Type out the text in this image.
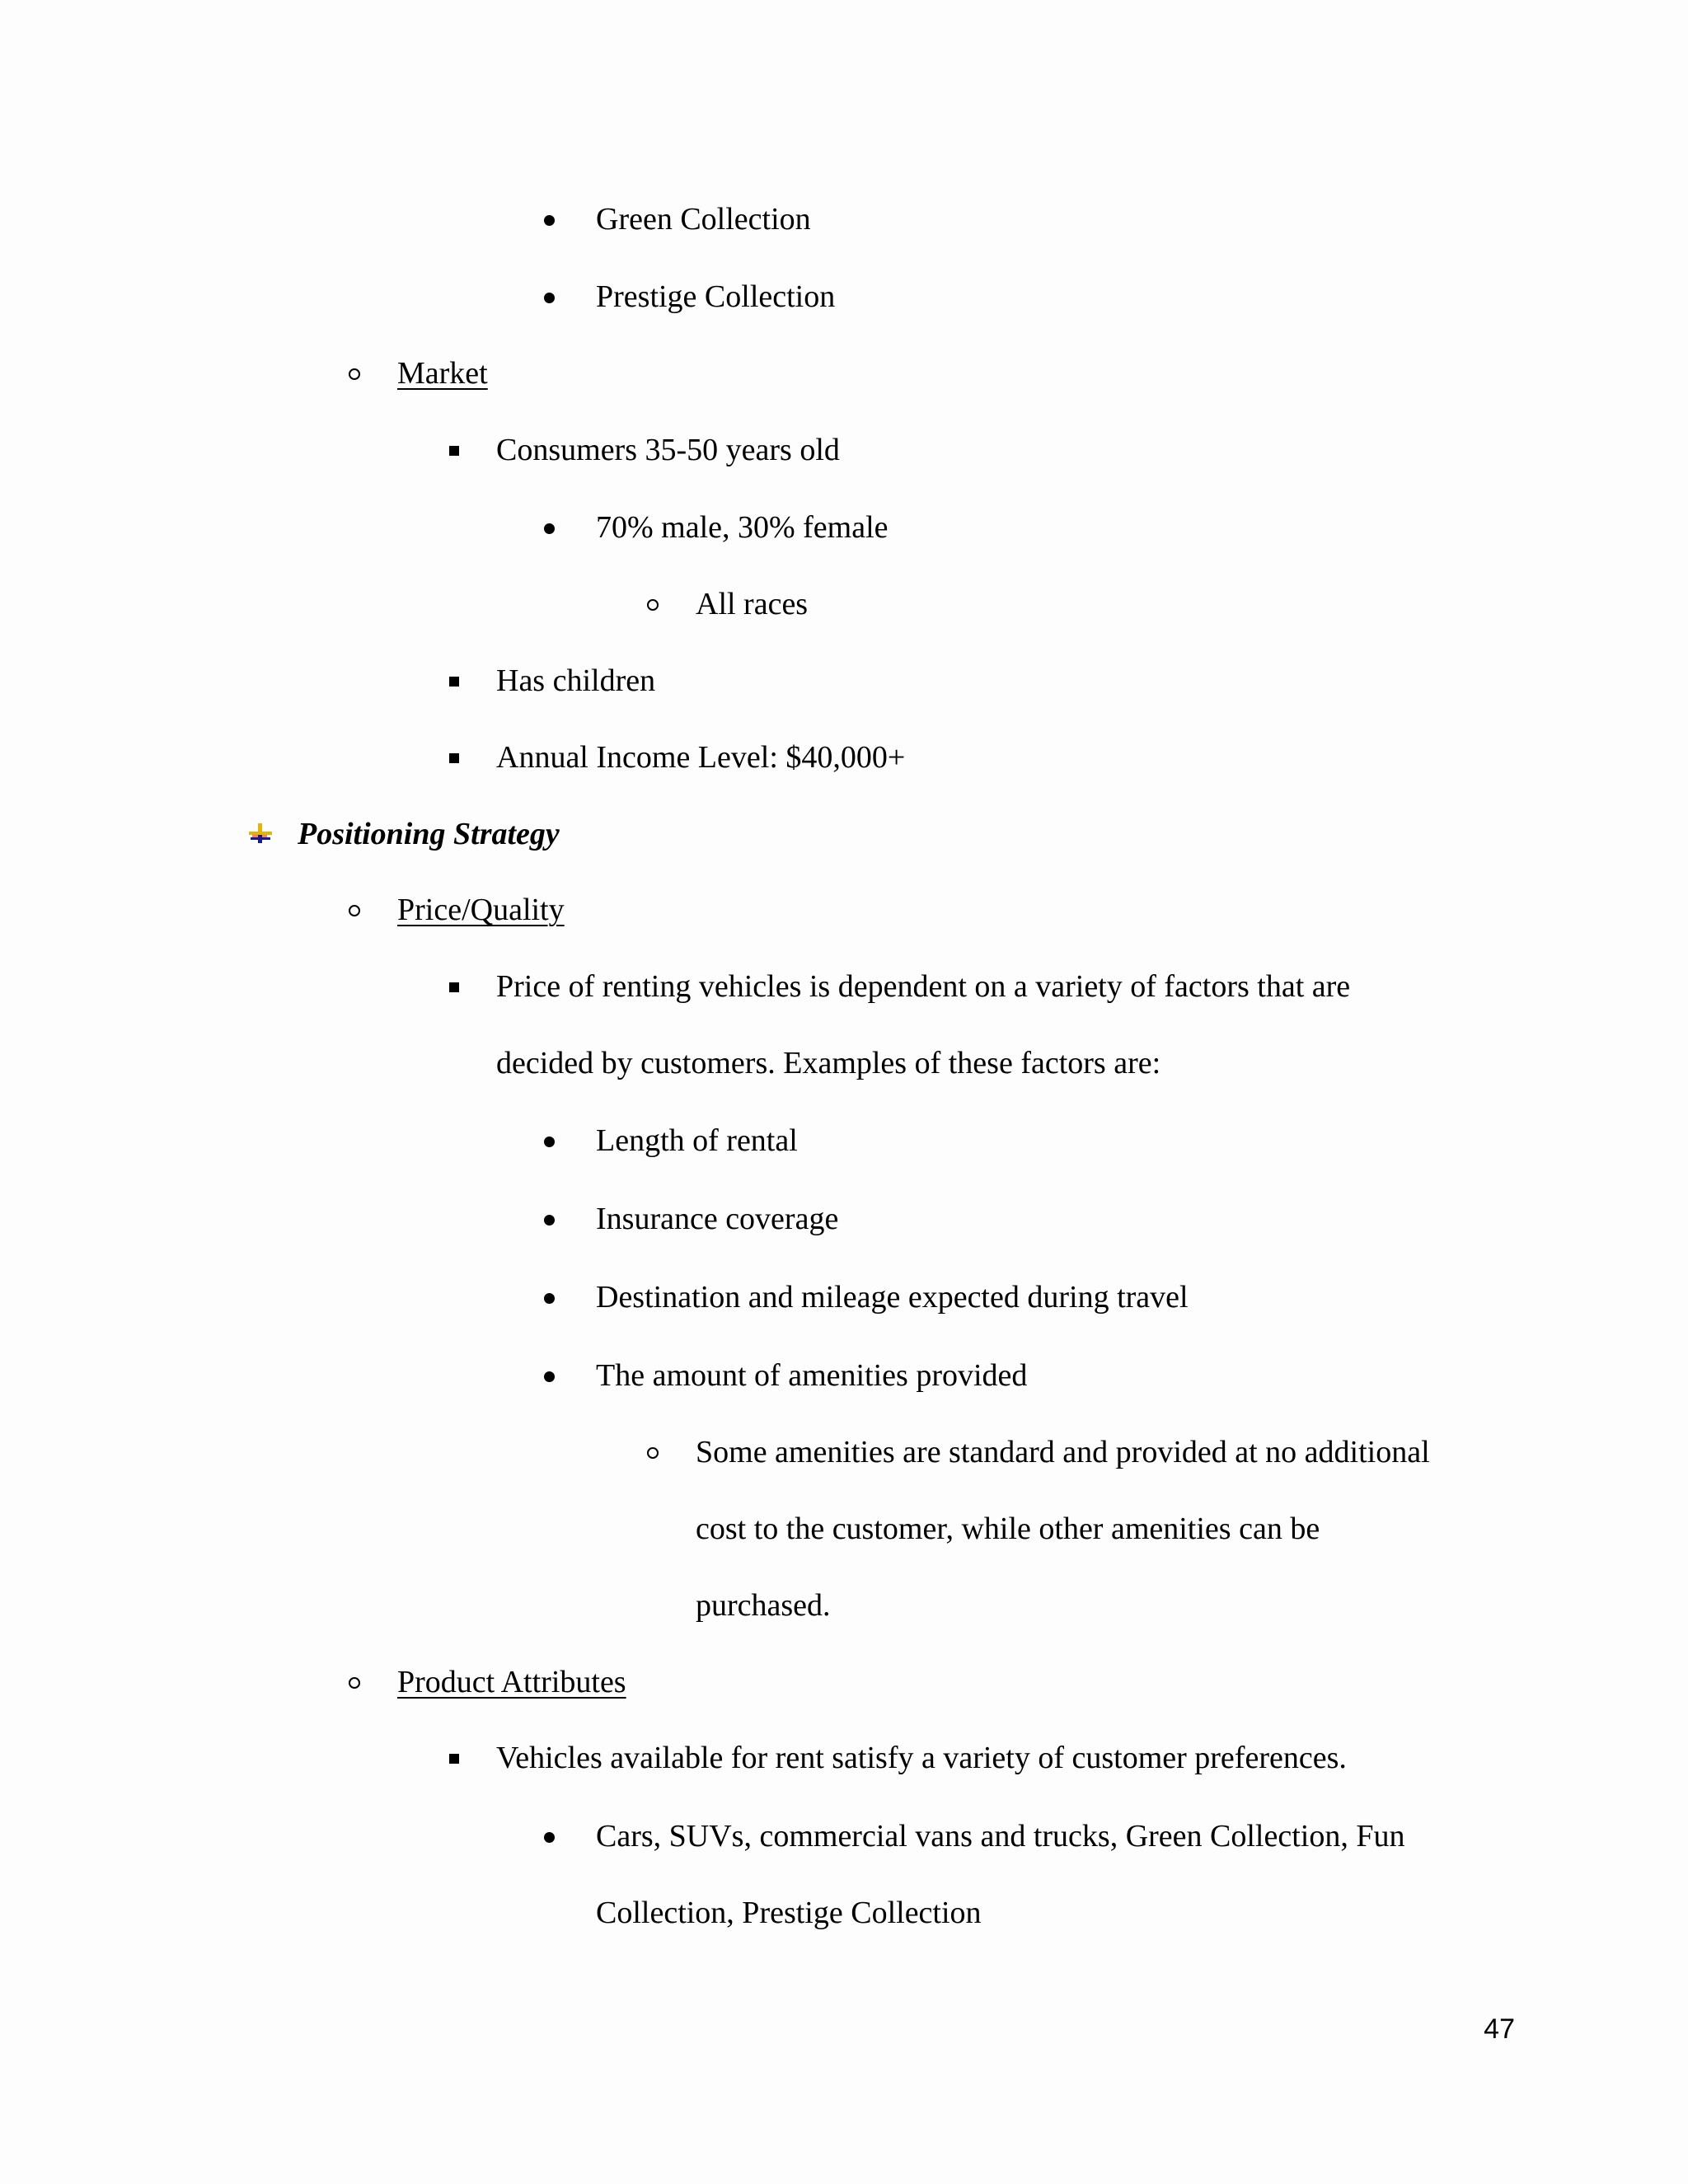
Green Collection
Prestige Collection
Market
Consumers 35-50 years old
70% male, 30% female
All races
Has children
Annual Income Level: $40,000+
Positioning Strategy
Price/Quality
Price of renting vehicles is dependent on a variety of factors that are
decided by customers. Examples of these factors are:
Length of rental
Insurance coverage
Destination and mileage expected during travel
The amount of amenities provided
Some amenities are standard and provided at no additional
cost to the customer, while other amenities can be
purchased.
Product Attributes
Vehicles available for rent satisfy a variety of customer preferences.
Cars, SUVs, commercial vans and trucks, Green Collection, Fun
Collection, Prestige Collection
47
